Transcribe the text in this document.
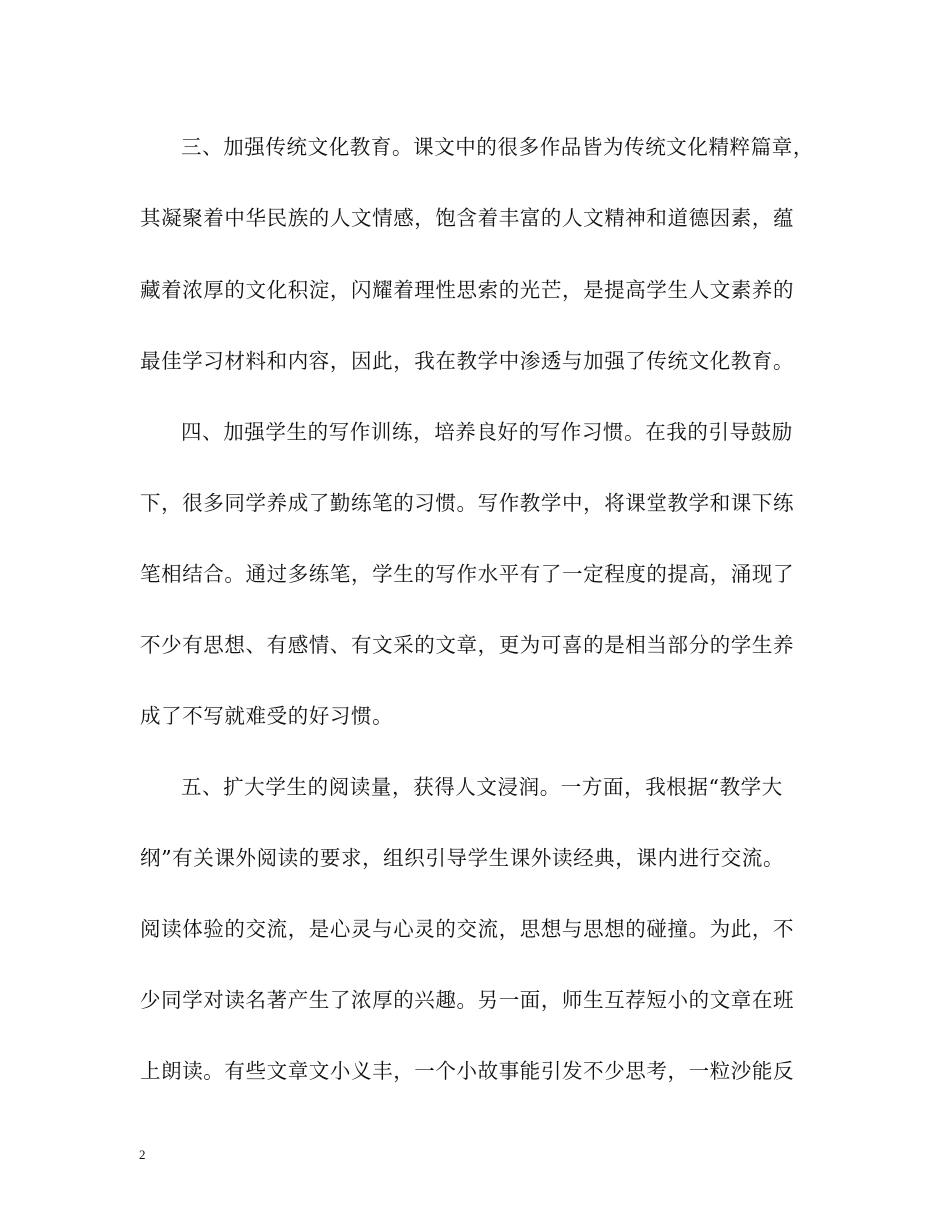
三、加强传统文化教育。课文中的很多作品皆为传统文化精粹篇章，
其凝聚着中华民族的人文情感，饱含着丰富的人文精神和道德因素，蕴
藏着浓厚的文化积淀，闪耀着理性思索的光芒，是提高学生人文素养的
最佳学习材料和内容，因此，我在教学中渗透与加强了传统文化教育。
四、加强学生的写作训练，培养良好的写作习惯。在我的引导鼓励
下，很多同学养成了勤练笔的习惯。写作教学中，将课堂教学和课下练
笔相结合。通过多练笔，学生的写作水平有了一定程度的提高，涌现了
不少有思想、有感情、有文采的文章，更为可喜的是相当部分的学生养
成了不写就难受的好习惯。
五、扩大学生的阅读量，获得人文浸润。一方面，我根据“教学大
纲”有关课外阅读的要求，组织引导学生课外读经典，课内进行交流。
阅读体验的交流，是心灵与心灵的交流，思想与思想的碰撞。为此，不
少同学对读名著产生了浓厚的兴趣。另一面，师生互荐短小的文章在班
上朗读。有些文章文小义丰，一个小故事能引发不少思考，一粒沙能反
2
